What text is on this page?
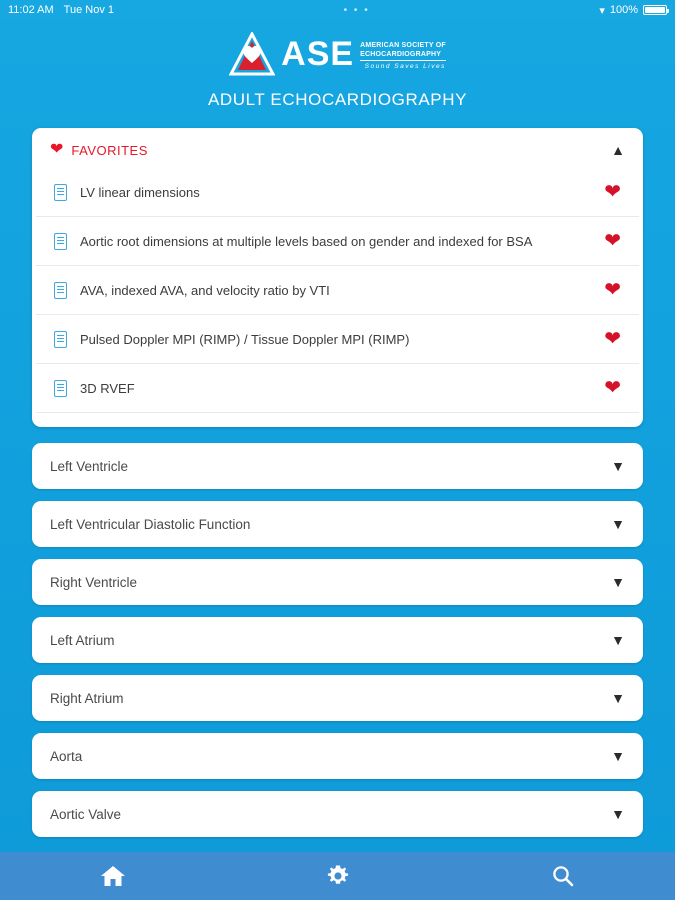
11:02 AM Tue Nov 1	• • •	▾ 100%
ASE AMERICAN SOCIETY OF
ECHOCARDIOGRAPHY
Sound Saves Lives
ADULT ECHOCARDIOGRAPHY
❤ FAVORITES	▲
LV linear dimensions	❤
Aortic root dimensions at multiple levels based on gender and indexed for BSA	❤
AVA, indexed AVA, and velocity ratio by VTI	❤
Pulsed Doppler MPI (RIMP) / Tissue Doppler MPI (RIMP)	❤
3D RVEF	❤
Left Ventricle	▼
Left Ventricular Diastolic Function	▼
Right Ventricle	▼
Left Atrium	▼
Right Atrium	▼
Aorta	▼
Aortic Valve	▼
